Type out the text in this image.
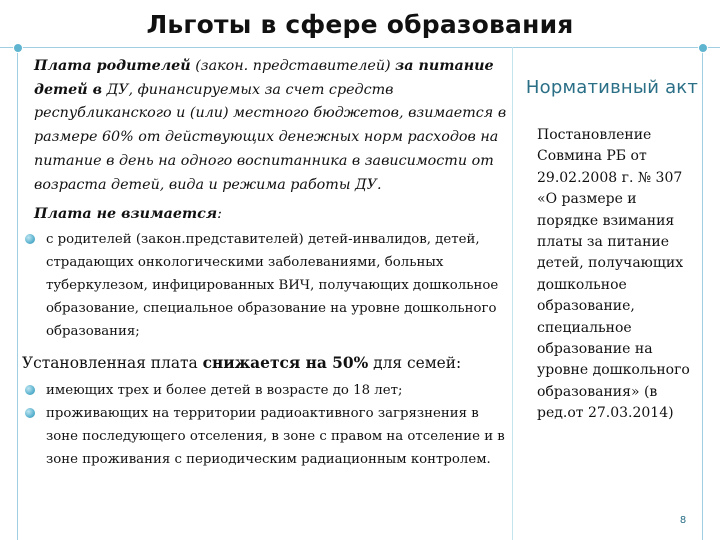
Льготы в сфере образования

Плата родителей (закон. представителей) за питание детей в ДУ, финансируемых за счет средств республиканского и (или) местного бюджетов, взимается в размере 60% от действующих денежных норм расходов на питание в день на одного воспитанника в зависимости от возраста детей, вида и режима работы ДУ.

Плата не взимается:

с родителей (закон.представителей) детей-инвалидов, детей, страдающих онкологическими заболеваниями, больных туберкулезом, инфицированных ВИЧ, получающих дошкольное образование, специальное образование на уровне дошкольного образования;

Установленная плата снижается на 50% для семей:

имеющих трех и более детей в возрасте до 18 лет;
проживающих на территории радиоактивного загрязнения в зоне последующего отселения, в зоне с правом на отселение и в зоне проживания с периодическим радиационным контролем.

Нормативный акт

Постановление Совмина РБ от 29.02.2008 г. № 307 «О размере и порядке взимания платы за питание детей, получающих дошкольное образование, специальное образование на уровне дошкольного образования» (в ред.от 27.03.2014)

8
